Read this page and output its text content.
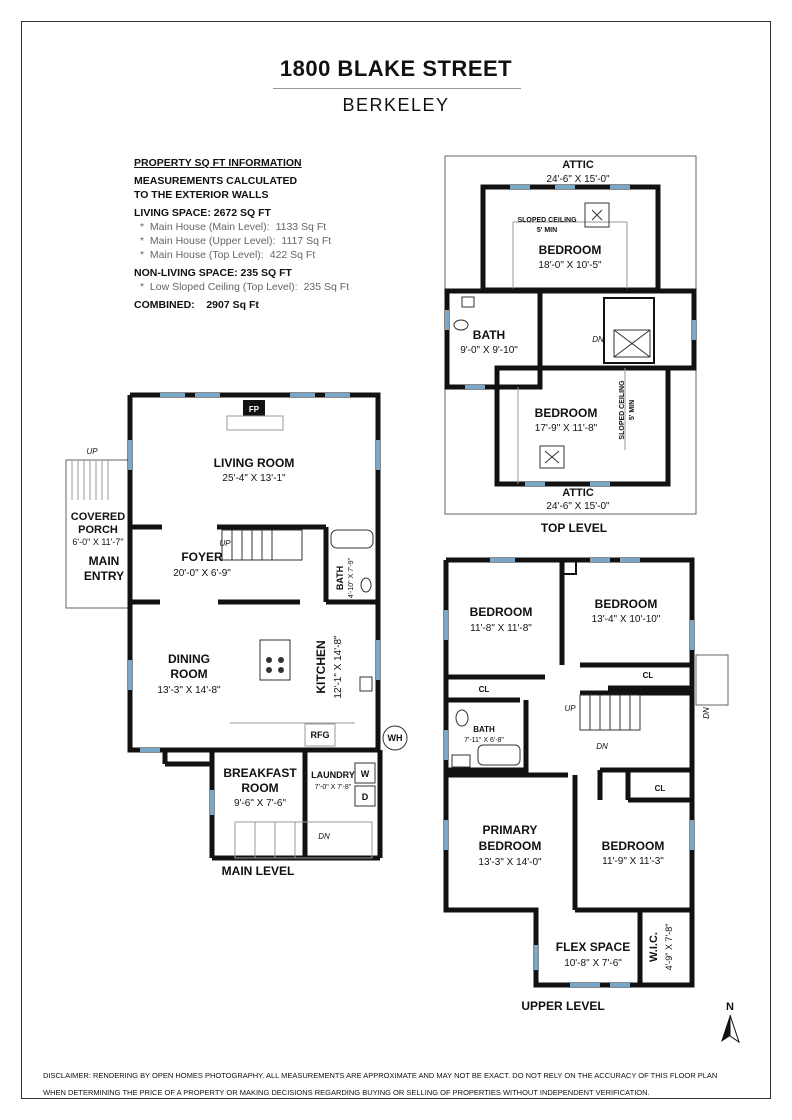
1800 BLAKE STREET
BERKELEY
PROPERTY SQ FT INFORMATION
MEASUREMENTS CALCULATED
TO THE EXTERIOR WALLS
LIVING SPACE: 2672 SQ FT
*  Main House (Main Level): 1133 Sq Ft
*  Main House (Upper Level): 1117 Sq Ft
*  Main House (Top Level): 422 Sq Ft
NON-LIVING SPACE: 235 SQ FT
*  Low Sloped Ceiling (Top Level): 235 Sq Ft
COMBINED: 2907 Sq Ft
ATTIC
24'-6" X 15'-0"
SLOPED CEILING
5' MIN
BEDROOM
18'-0" X 10'-5"
BATH
9'-0" X 9'-10"
DN
BEDROOM
17'-9" X 11'-8"	SLOPED CEILING 5' MIN
ATTIC
24'-6" X 15'-0"
TOP LEVEL
FP
LIVING ROOM
25'-4" X 13'-1"
UP
COVERED
PORCH
6'-0" X 11'-7"
MAIN
ENTRY
FOYER
20'-0" X 6'-9"
UP
BATH 4'-10" X 7'-9"
DINING
ROOM
13'-3" X 14'-8"	KITCHEN 12'-1" X 14'-8"
RFG	WH
BREAKFAST
ROOM
9'-6" X 7'-6"
LAUNDRY
7'-0" X 7'-8"
W
D
DN
MAIN LEVEL
BEDROOM
11'-8" X 11'-8"
BEDROOM
13'-4" X 10'-10"
CL
CL
CL
UP
DN
DN
BATH
7'-11" X 6'-8"
PRIMARY
BEDROOM
13'-3" X 14'-0"
BEDROOM
11'-9" X 11'-3"
FLEX SPACE
10'-8" X 7'-6"
W.I.C. 4'-9" X 7'-8"
UPPER LEVEL	N
DISCLAIMER: RENDERING BY OPEN HOMES PHOTOGRAPHY. ALL MEASUREMENTS ARE APPROXIMATE AND MAY NOT BE EXACT. DO NOT RELY ON THE ACCURACY OF THIS FLOOR PLAN
WHEN DETERMINING THE PRICE OF A PROPERTY OR MAKING DECISIONS REGARDING BUYING OR SELLING OF PROPERTIES WITHOUT INDEPENDENT VERIFICATION.
